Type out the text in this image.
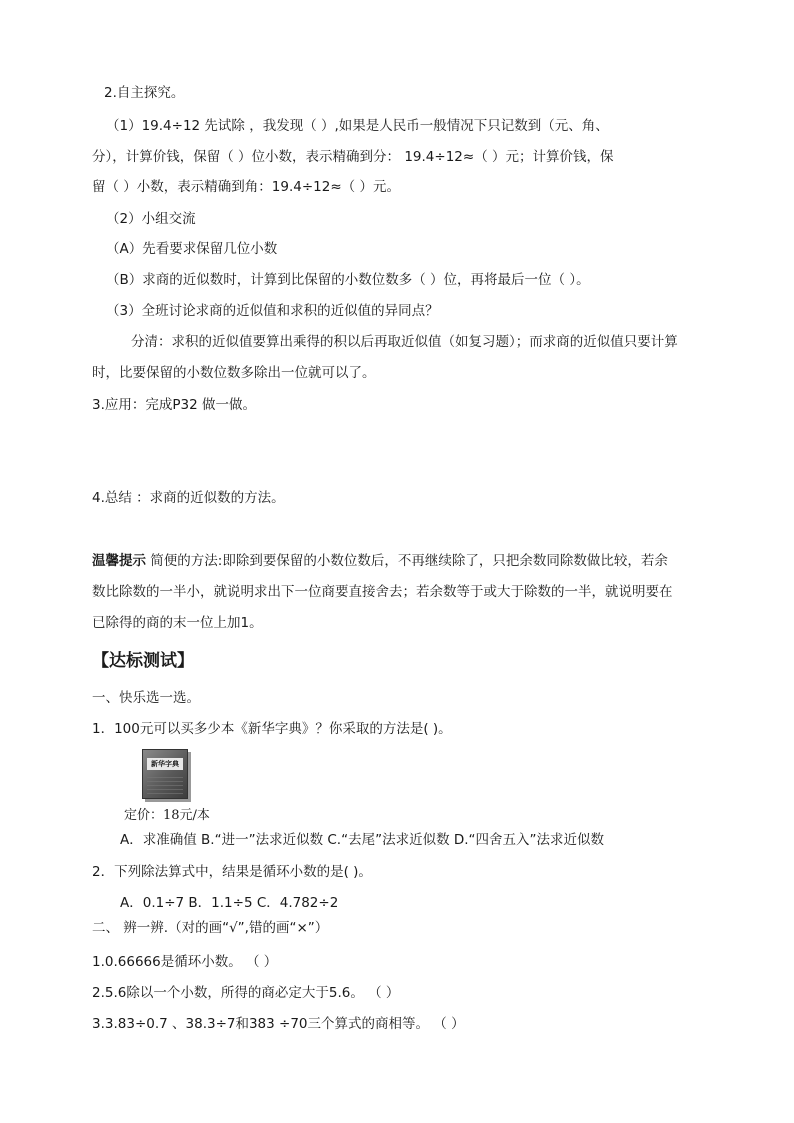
2.自主探究。
（1）19.4÷12 先试除 ，我发现（ ）,如果是人民币一般情况下只记数到（元、角、
分），计算价钱，保留（ ）位小数，表示精确到分： 19.4÷12≈（ ）元；计算价钱，保
留（ ）小数，表示精确到角：19.4÷12≈（ ）元。
（2）小组交流
（A）先看要求保留几位小数
（B）求商的近似数时，计算到比保留的小数位数多（ ）位，再将最后一位（ ）。
（3）全班讨论求商的近似值和求积的近似值的异同点？
分清：求积的近似值要算出乘得的积以后再取近似值（如复习题）；而求商的近似值只要计算
时，比要保留的小数位数多除出一位就可以了。
3.应用：完成P32 做一做。
4.总结 ：求商的近似数的方法。
温馨提示 简便的方法:即除到要保留的小数位数后，不再继续除了，只把余数同除数做比较，若余
数比除数的一半小，就说明求出下一位商要直接舍去；若余数等于或大于除数的一半，就说明要在
已除得的商的末一位上加1。
【达标测试】
一、快乐选一选。
1．100元可以买多少本《新华字典》？你采取的方法是( )。
新华字典
定价：18元/本
A．求准确值 B.“进一”法求近似数 C.“去尾”法求近似数 D.“四舍五入”法求近似数
2．下列除法算式中，结果是循环小数的是( )。
A．0.1÷7 B．1.1÷5 C．4.782÷2
二、 辨一辨.（对的画“√”,错的画“×”）
1.0.66666是循环小数。 （ ）
2.5.6除以一个小数，所得的商必定大于5.6。 （ ）
3.3.83÷0.7 、38.3÷7和383 ÷70三个算式的商相等。 （ ）
